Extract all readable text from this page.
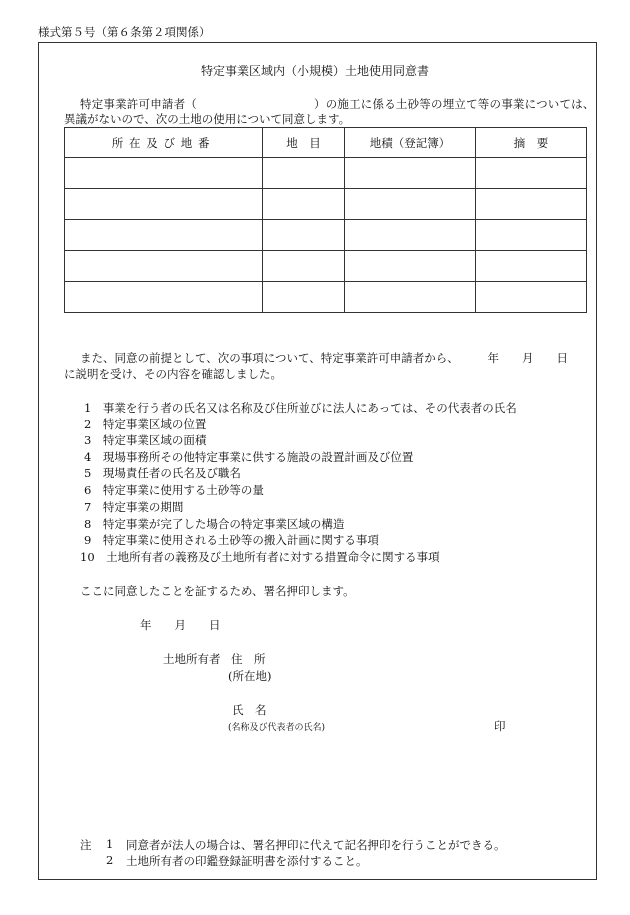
様式第５号（第６条第２項関係）
特定事業区域内（小規模）土地使用同意書
特定事業許可申請者（　　　　　　　　　　）の施工に係る土砂等の埋立て等の事業については、
異議がないので、次の土地の使用について同意します。
所在及び地番	地　目	地積（登記簿）	摘　要

また、同意の前提として、次の事項について、特定事業許可申請者から、　　　年　　月　　日
に説明を受け、その内容を確認しました。
1　事業を行う者の氏名又は名称及び住所並びに法人にあっては、その代表者の氏名
2　特定事業区域の位置
3　特定事業区域の面積
4　現場事務所その他特定事業に供する施設の設置計画及び位置
5　現場責任者の氏名及び職名
6　特定事業に使用する土砂等の量
7　特定事業の期間
8　特定事業が完了した場合の特定事業区域の構造
9　特定事業に使用される土砂等の搬入計画に関する事項
10　土地所有者の義務及び土地所有者に対する措置命令に関する事項
ここに同意したことを証するため、署名押印します。
年　　月　　日
土地所有者 住　所
(所在地)
氏　名
(名称及び代表者の氏名)	印
注 1 同意者が法人の場合は、署名押印に代えて記名押印を行うことができる。
2 土地所有者の印鑑登録証明書を添付すること。
